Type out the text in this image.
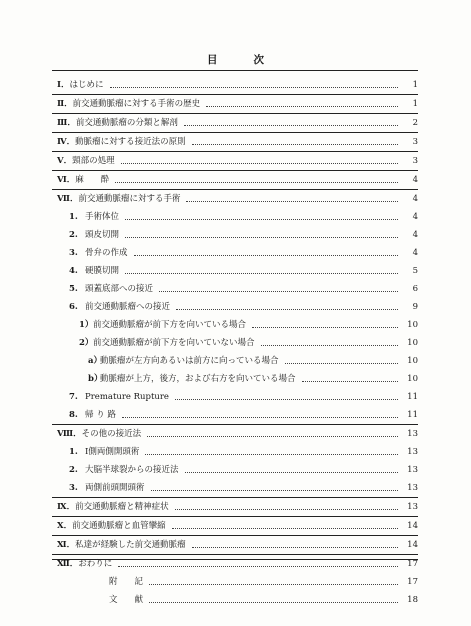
目	次
Ⅰ．はじめに	1
Ⅱ．前交通動脈瘤に対する手術の歴史	1
Ⅲ．前交通動脈瘤の分類と解剖	2
Ⅳ．動脈瘤に対する接近法の原則	3
Ⅴ．頸部の処理	3
Ⅵ．麻　　酔	4
Ⅶ．前交通動脈瘤に対する手術	4
1. 手術体位	4
2. 頭皮切開	4
3. 骨弁の作成	4
4. 硬膜切開	5
5. 頭蓋底部への接近	6
6. 前交通動脈瘤への接近	9
1）前交通動脈瘤が前下方を向いている場合	10
2）前交通動脈瘤が前下方を向いていない場合	10
a）動脈瘤が左方向あるいは前方に向っている場合	10
b）動脈瘤が上方，後方，および右方を向いている場合	10
7. Premature Rupture	11
8. 帰 り 路	11
Ⅷ．その他の接近法	13
1. Ⅰ側両側開頭術	13
2. 大脳半球裂からの接近法	13
3. 両側前頭開頭術	13
Ⅸ．前交通動脈瘤と精神症状	13
Ⅹ．前交通動脈瘤と血管攣縮	14
Ⅺ．私達が経験した前交通動脈瘤	14
Ⅻ．おわりに	17
附　　記	17
文　　献	18
